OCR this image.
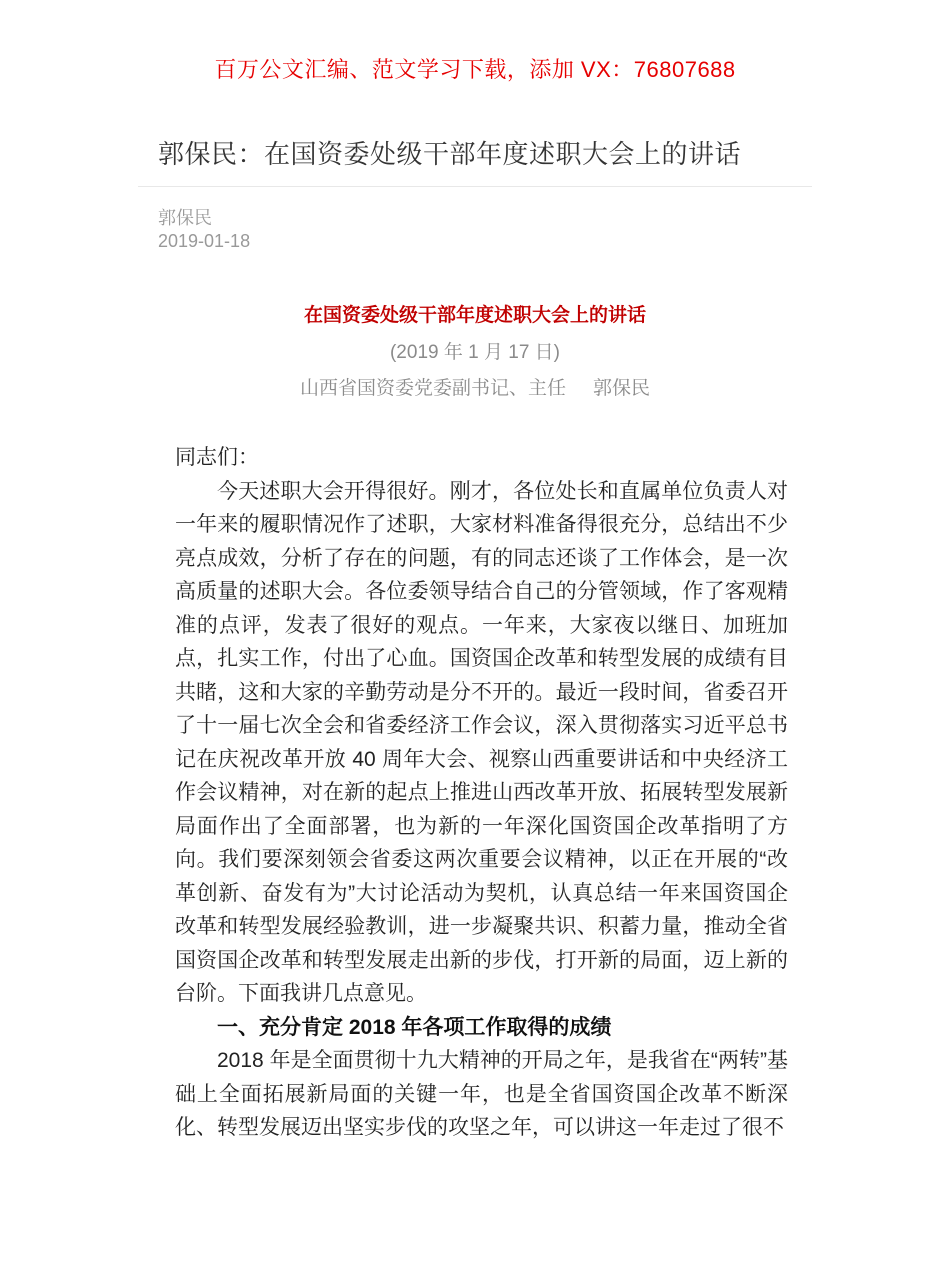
百万公文汇编、范文学习下载，添加 VX：76807688
郭保民：在国资委处级干部年度述职大会上的讲话
郭保民
2019-01-18
在国资委处级干部年度述职大会上的讲话
(2019 年 1 月 17 日)
山西省国资委党委副书记、主任 郭保民

同志们：

今天述职大会开得很好。刚才，各位处长和直属单位负责人对一年来的履职情况作了述职，大家材料准备得很充分，总结出不少亮点成效，分析了存在的问题，有的同志还谈了工作体会，是一次高质量的述职大会。各位委领导结合自己的分管领域，作了客观精准的点评，发表了很好的观点。一年来，大家夜以继日、加班加点，扎实工作，付出了心血。国资国企改革和转型发展的成绩有目共睹，这和大家的辛勤劳动是分不开的。最近一段时间，省委召开了十一届七次全会和省委经济工作会议，深入贯彻落实习近平总书记在庆祝改革开放 40 周年大会、视察山西重要讲话和中央经济工作会议精神，对在新的起点上推进山西改革开放、拓展转型发展新局面作出了全面部署，也为新的一年深化国资国企改革指明了方向。我们要深刻领会省委这两次重要会议精神，以正在开展的“改革创新、奋发有为”大讨论活动为契机，认真总结一年来国资国企改革和转型发展经验教训，进一步凝聚共识、积蓄力量，推动全省国资国企改革和转型发展走出新的步伐，打开新的局面，迈上新的台阶。下面我讲几点意见。

一、充分肯定 2018 年各项工作取得的成绩

2018 年是全面贯彻十九大精神的开局之年，是我省在“两转”基础上全面拓展新局面的关键一年，也是全省国资国企改革不断深化、转型发展迈出坚实步伐的攻坚之年，可以讲这一年走过了很不
